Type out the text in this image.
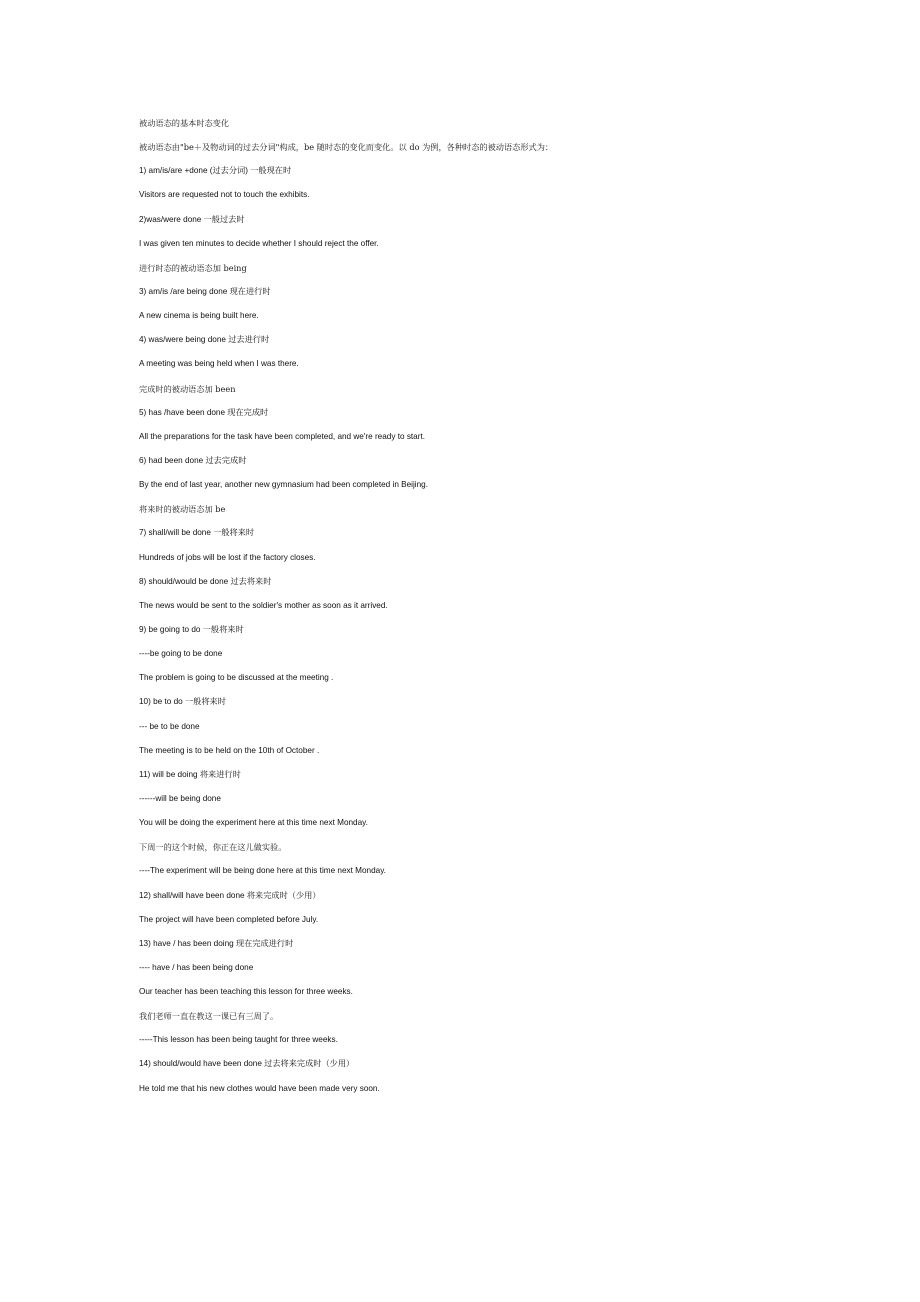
被动语态的基本时态变化
被动语态由"be＋及物动词的过去分词"构成，be 随时态的变化而变化。以 do 为例，各种时态的被动语态形式为：
1) am/is/are +done (过去分词) 一般现在时
Visitors are requested not to touch the exhibits.
2)was/were done 一般过去时
I was given ten minutes to decide whether I should reject the offer.
进行时态的被动语态加 being
3) am/is /are being done 现在进行时
A new cinema is being built here.
4) was/were being done 过去进行时
A meeting was being held when I was there.
完成时的被动语态加 been
5) has /have been done 现在完成时
All the preparations for the task have been completed, and we're ready to start.
6) had been done 过去完成时
By the end of last year, another new gymnasium had been completed in Beijing.
将来时的被动语态加 be
7) shall/will be done 一般将来时
Hundreds of jobs will be lost if the factory closes.
8) should/would be done 过去将来时
The news would be sent to the soldier's mother as soon as it arrived.
9) be going to do 一般将来时
----be going to be done
The problem is going to be discussed at the meeting .
10) be to do 一般将来时
--- be to be done
The meeting is to be held on the 10th of October .
11) will be doing 将来进行时
------will be being done
You will be doing the experiment here at this time next Monday.
下周一的这个时候，你正在这儿做实验。
----The experiment will be being done here at this time next Monday.
12) shall/will have been done 将来完成时（少用）
The project will have been completed before July.
13) have / has been doing 现在完成进行时
---- have / has been being done
Our teacher has been teaching this lesson for three weeks.
我们老师一直在教这一课已有三周了。
-----This lesson has been being taught for three weeks.
14) should/would have been done 过去将来完成时（少用）
He told me that his new clothes would have been made very soon.
